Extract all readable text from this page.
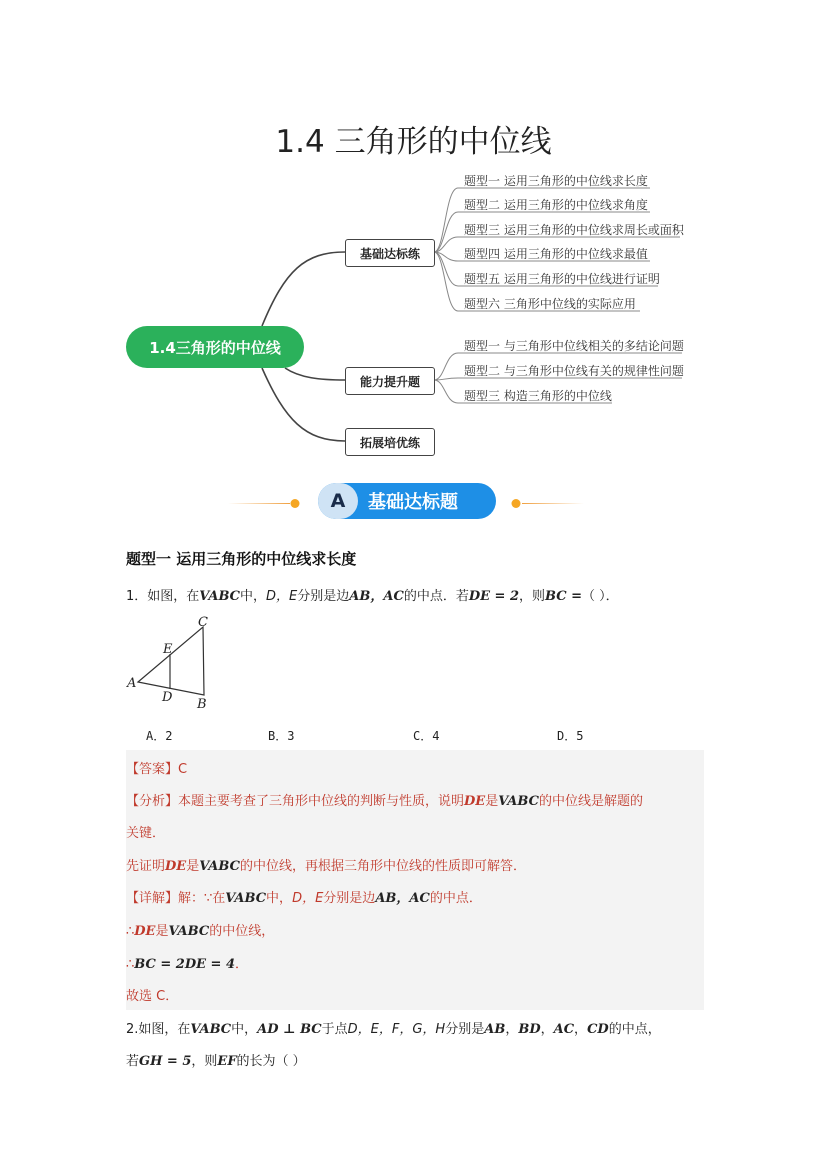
1.4 三角形的中位线
1.4三角形的中位线
基础达标练
能力提升题
拓展培优练
题型一 运用三角形的中位线求长度
题型二 运用三角形的中位线求角度
题型三 运用三角形的中位线求周长或面积
题型四 运用三角形的中位线求最值
题型五 运用三角形的中位线进行证明
题型六 三角形中位线的实际应用
题型一 与三角形中位线相关的多结论问题
题型二 与三角形中位线有关的规律性问题
题型三 构造三角形的中位线
A	基础达标题
题型一 运用三角形的中位线求长度
1．如图，在VABC中，D，E分别是边AB，AC的中点．若DE = 2，则BC =（ ）．
A
B
C
D
E
A．2	B．3	C．4	D．5
【答案】C
【分析】本题主要考查了三角形中位线的判断与性质，说明DE是VABC的中位线是解题的
关键．
先证明DE是VABC的中位线，再根据三角形中位线的性质即可解答．
【详解】解：∵在VABC中，D，E分别是边AB，AC的中点．
∴DE是VABC的中位线，
∴BC = 2DE = 4．
故选 C．
2.如图，在VABC中，AD ⊥ BC于点D，E，F，G，H分别是AB，BD，AC，CD的中点，
若GH = 5，则EF的长为（ ）
